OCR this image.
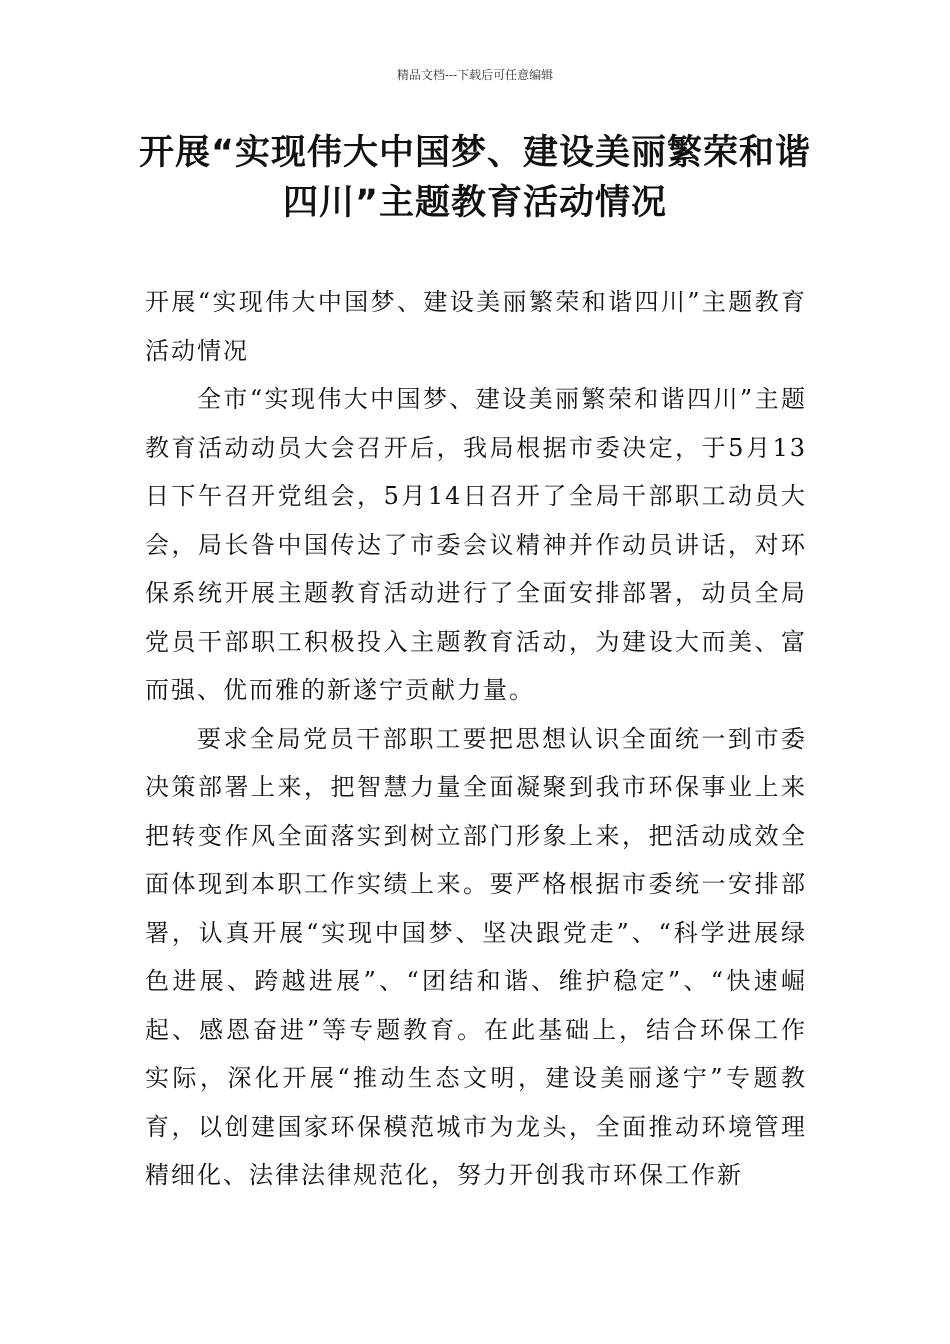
精品文档---下载后可任意编辑
开展“实现伟大中国梦、建设美丽繁荣和谐四川”主题教育活动情况

开展“实现伟大中国梦、建设美丽繁荣和谐四川”主题教育活动情况

全市“实现伟大中国梦、建设美丽繁荣和谐四川”主题教育活动动员大会召开后，我局根据市委决定，于5月13日下午召开党组会，5月14日召开了全局干部职工动员大会，局长昝中国传达了市委会议精神并作动员讲话，对环保系统开展主题教育活动进行了全面安排部署，动员全局党员干部职工积极投入主题教育活动，为建设大而美、富而强、优而雅的新遂宁贡献力量。

要求全局党员干部职工要把思想认识全面统一到市委决策部署上来，把智慧力量全面凝聚到我市环保事业上来把转变作风全面落实到树立部门形象上来，把活动成效全面体现到本职工作实绩上来。要严格根据市委统一安排部署，认真开展“实现中国梦、坚决跟党走”、“科学进展绿色进展、跨越进展”、“团结和谐、维护稳定”、“快速崛起、感恩奋进”等专题教育。在此基础上，结合环保工作实际，深化开展“推动生态文明，建设美丽遂宁”专题教育，以创建国家环保模范城市为龙头，全面推动环境管理精细化、法律法律规范化，努力开创我市环保工作新
